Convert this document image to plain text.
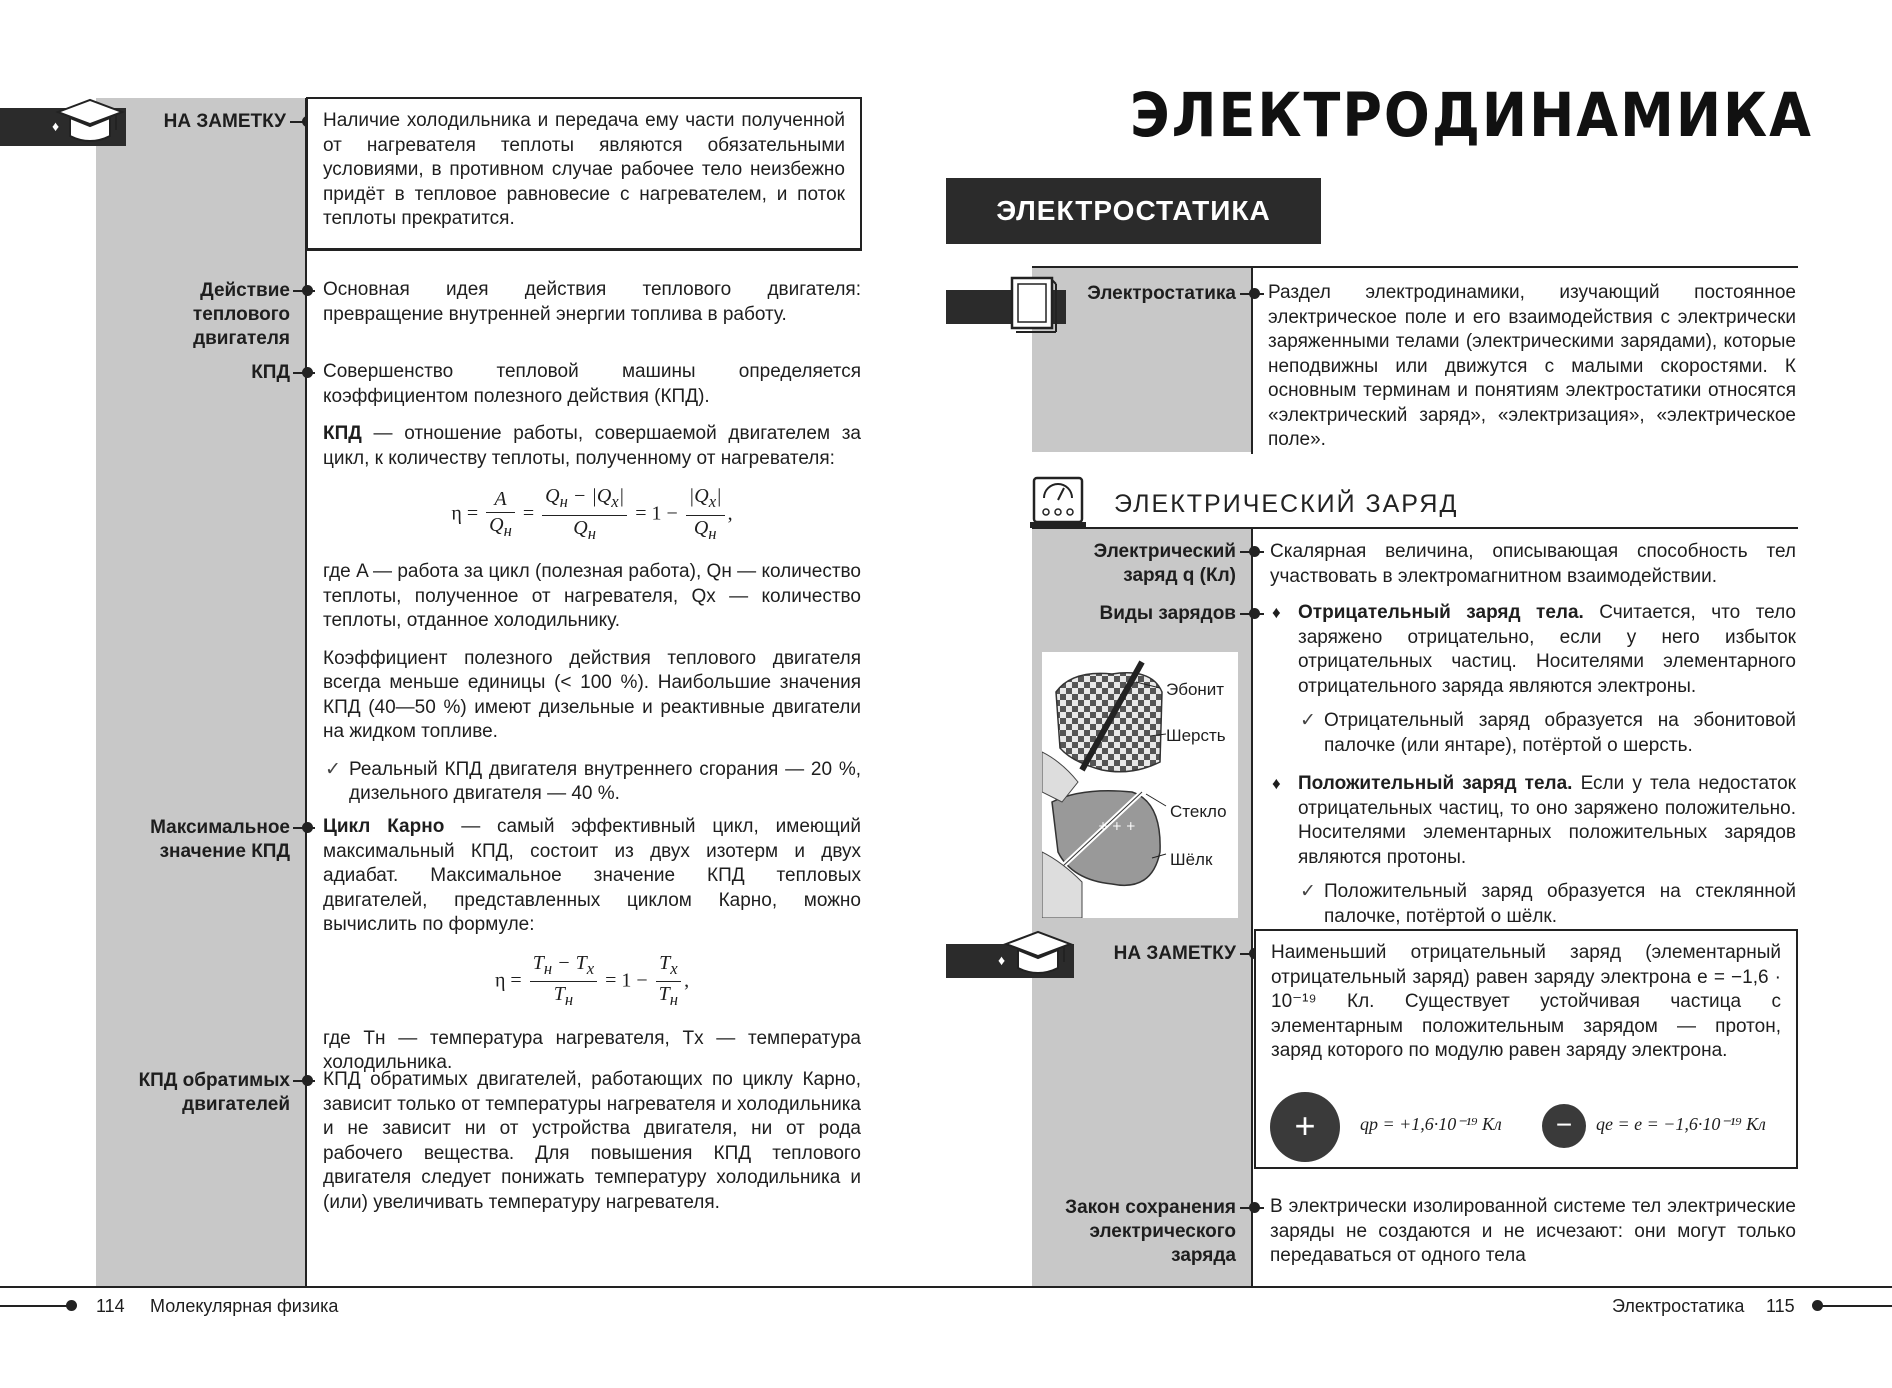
♦	НА ЗАМЕТКУ Наличие холодильника и передача ему части полученной от нагревателя теплоты являются обязательными условиями, в противном случае рабочее тело неизбежно придёт в тепловое равновесие с нагревателем, и поток теплоты прекратится.
Действие
теплового
двигателя
Основная идея действия теплового двигателя: превращение внутренней энергии топлива в работу.
КПД Совершенство тепловой машины определяется коэффициентом полезного действия (КПД).

КПД — отношение работы, совершаемой двигателем за цикл, к количеству теплоты, полученному от нагревателя:

$\eta = \frac{A}{Q_н} = \frac{Q_н - |Q_х|}{Q_н} = 1 - \frac{|Q_х|}{Q_н}$ ,

где A — работа за цикл (полезная работа), Qн — количество теплоты, полученное от нагревателя, Qх — количество теплоты, отданное холодильнику.

Коэффициент полезного действия теплового двигателя всегда меньше единицы (< 100 %). Наибольшие значения КПД (40—50 %) имеют дизельные и реактивные двигатели на жидком топливе.

✓ Реальный КПД двигателя внутреннего сгорания — 20 %, дизельного двигателя — 40 %.
Максимальное
значение КПД

Цикл Карно — самый эффективный цикл, имеющий максимальный КПД, состоит из двух изотерм и двух адиабат. Максимальное значение КПД тепловых двигателей, представленных циклом Карно, можно вычислить по формуле:

$\eta = \frac{T_н - T_х}{T_н} = 1 - \frac{T_х}{T_н}$ ,

где Tн — температура нагревателя, Tх — температура холодильника.

КПД обратимых
двигателей
КПД обратимых двигателей, работающих по циклу Карно, зависит только от температуры нагревателя и холодильника и не зависит ни от устройства двигателя, ни от рода рабочего вещества. Для повышения КПД теплового двигателя следует понижать температуру холодильника и (или) увеличивать температуру нагревателя.
114 Молекулярная физика
ЭЛЕКТРОДИНАМИКА
ЭЛЕКТРОСТАТИКА
Электростатика Раздел электродинамики, изучающий постоянное электрическое поле и его взаимодействия с электрически заряженными телами (электрическими зарядами), которые неподвижны или движутся с малыми скоростями. К основным терминам и понятиям электростатики относятся «электрический заряд», «электризация», «электрическое поле».
ЭЛЕКТРИЧЕСКИЙ ЗАРЯД
Электрический
заряд q (Кл)
Скалярная величина, описывающая способность тел участвовать в электромагнитном взаимодействии.
Виды зарядов
+ + +
Эбонит
Шерсть
Стекло
Шёлк
♦ Отрицательный заряд тела. Считается, что тело заряжено отрицательно, если у него избыток отрицательных частиц. Носителями элементарного отрицательного заряда являются электроны.
✓ Отрицательный заряд образуется на эбонитовой палочке (или янтаре), потёртой о шерсть.
♦ Положительный заряд тела. Если у тела недостаток отрицательных частиц, то оно заряжено положительно. Носителями элементарных положительных зарядов являются протоны.
✓ Положительный заряд образуется на стеклянной палочке, потёртой о шёлк.
♦	НА ЗАМЕТКУ Наименьший отрицательный заряд (элементарный отрицательный заряд) равен заряду электрона e = −1,6 · 10⁻¹⁹ Кл. Существует устойчивая частица с элементарным положительным зарядом — протон, заряд которого по модулю равен заряду электрона.
+	qp = +1,6·10⁻¹⁹ Кл	−	qe = e = −1,6·10⁻¹⁹ Кл
Закон сохранения
электрического
заряда
В электрически изолированной системе тел электрические заряды не создаются и не исчезают: они могут только передаваться от одного тела
Электростатика 115
